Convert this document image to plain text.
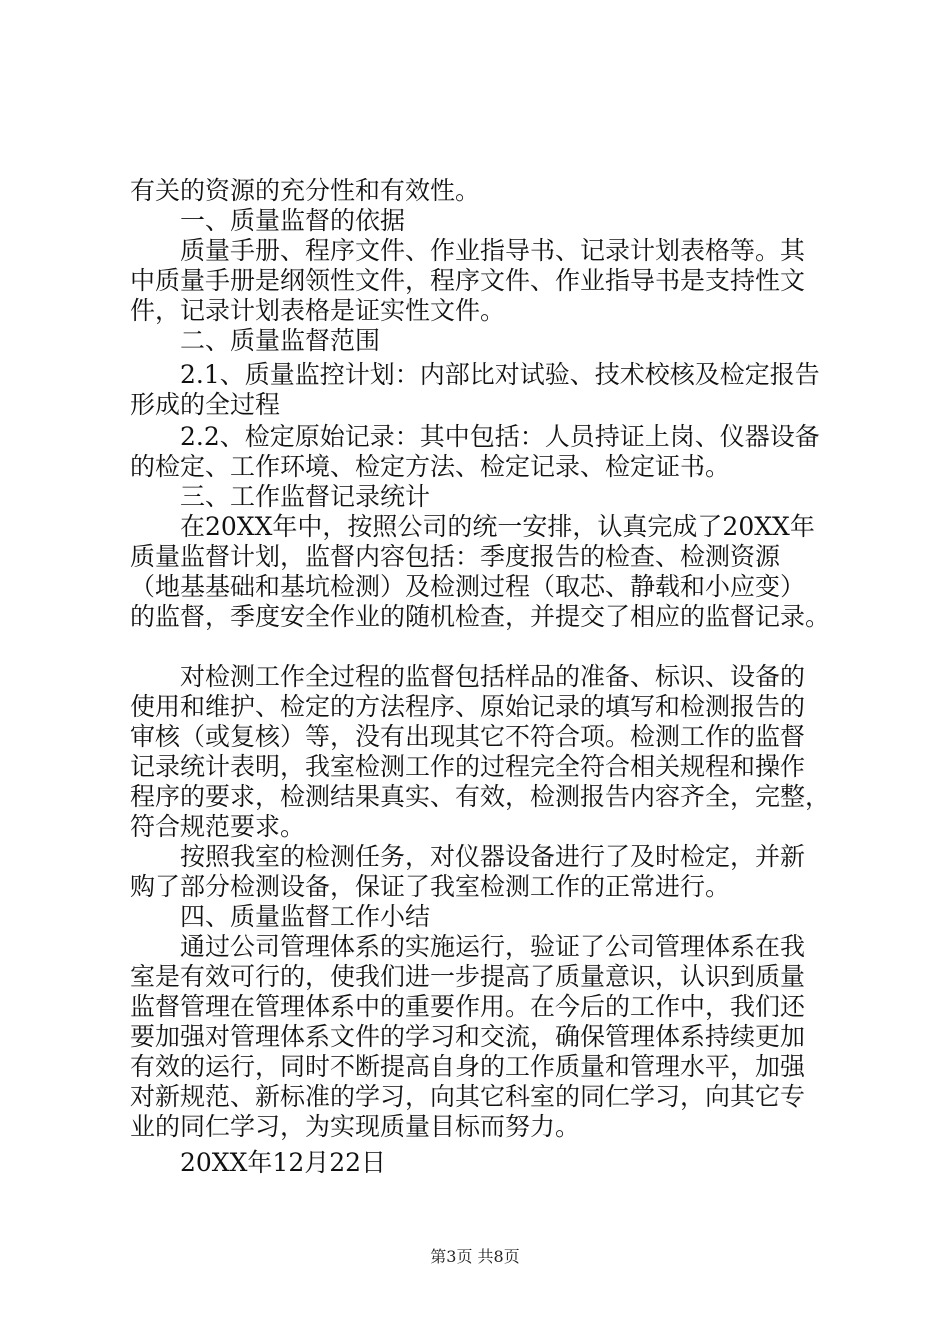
有关的资源的充分性和有效性。
　　一、质量监督的依据
　　质量手册、程序文件、作业指导书、记录计划表格等。其
中质量手册是纲领性文件，程序文件、作业指导书是支持性文
件，记录计划表格是证实性文件。
　　二、质量监督范围
　　2.1、质量监控计划：内部比对试验、技术校核及检定报告
形成的全过程
　　2.2、检定原始记录：其中包括：人员持证上岗、仪器设备
的检定、工作环境、检定方法、检定记录、检定证书。
　　三、工作监督记录统计
　　在20XX年中，按照公司的统一安排，认真完成了20XX年
质量监督计划，监督内容包括：季度报告的检查、检测资源
（地基基础和基坑检测）及检测过程（取芯、静载和小应变）
的监督，季度安全作业的随机检查，并提交了相应的监督记录。
　　对检测工作全过程的监督包括样品的准备、标识、设备的
使用和维护、检定的方法程序、原始记录的填写和检测报告的
审核（或复核）等，没有出现其它不符合项。检测工作的监督
记录统计表明，我室检测工作的过程完全符合相关规程和操作
程序的要求，检测结果真实、有效，检测报告内容齐全，完整，
符合规范要求。
　　按照我室的检测任务，对仪器设备进行了及时检定，并新
购了部分检测设备，保证了我室检测工作的正常进行。
　　四、质量监督工作小结
　　通过公司管理体系的实施运行，验证了公司管理体系在我
室是有效可行的，使我们进一步提高了质量意识，认识到质量
监督管理在管理体系中的重要作用。在今后的工作中，我们还
要加强对管理体系文件的学习和交流，确保管理体系持续更加
有效的运行，同时不断提高自身的工作质量和管理水平，加强
对新规范、新标准的学习，向其它科室的同仁学习，向其它专
业的同仁学习，为实现质量目标而努力。
　　20XX年12月22日
第3页 共8页
